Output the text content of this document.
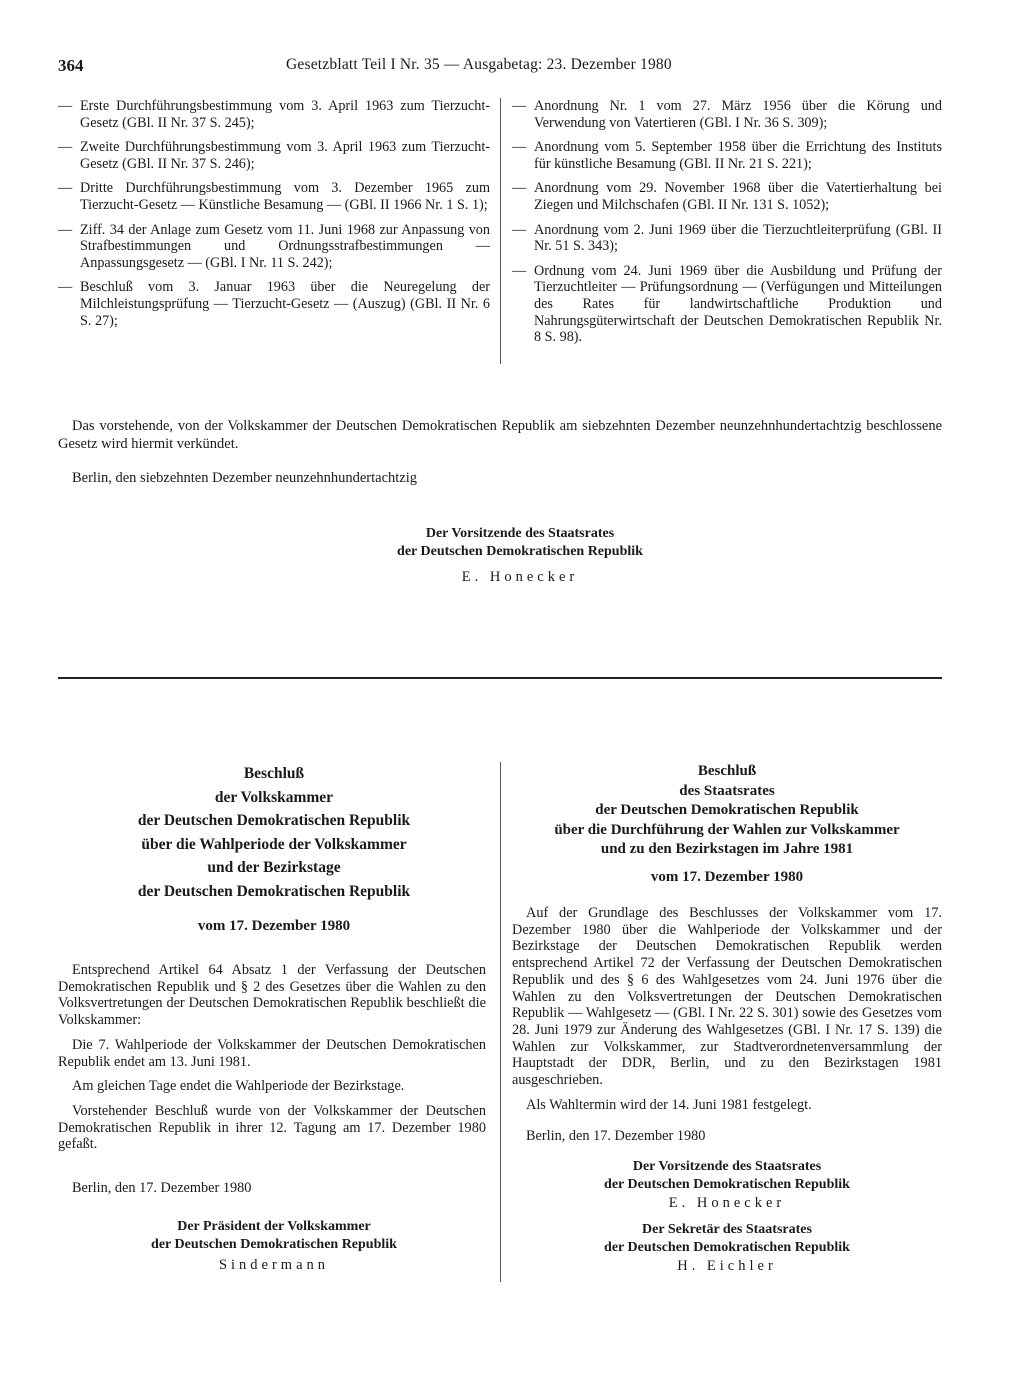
364	Gesetzblatt Teil I Nr. 35 — Ausgabetag: 23. Dezember 1980
— Erste Durchführungsbestimmung vom 3. April 1963 zum Tierzucht-Gesetz (GBl. II Nr. 37 S. 245);
— Zweite Durchführungsbestimmung vom 3. April 1963 zum Tierzucht-Gesetz (GBl. II Nr. 37 S. 246);
— Dritte Durchführungsbestimmung vom 3. Dezember 1965 zum Tierzucht-Gesetz — Künstliche Besamung — (GBl. II 1966 Nr. 1 S. 1);
— Ziff. 34 der Anlage zum Gesetz vom 11. Juni 1968 zur Anpassung von Strafbestimmungen und Ordnungsstrafbestimmungen — Anpassungsgesetz — (GBl. I Nr. 11 S. 242);
— Beschluß vom 3. Januar 1963 über die Neuregelung der Milchleistungsprüfung — Tierzucht-Gesetz — (Auszug) (GBl. II Nr. 6 S. 27);
— Anordnung Nr. 1 vom 27. März 1956 über die Körung und Verwendung von Vatertieren (GBl. I Nr. 36 S. 309);
— Anordnung vom 5. September 1958 über die Errichtung des Instituts für künstliche Besamung (GBl. II Nr. 21 S. 221);
— Anordnung vom 29. November 1968 über die Vatertierhaltung bei Ziegen und Milchschafen (GBl. II Nr. 131 S. 1052);
— Anordnung vom 2. Juni 1969 über die Tierzuchtleiterprüfung (GBl. II Nr. 51 S. 343);
— Ordnung vom 24. Juni 1969 über die Ausbildung und Prüfung der Tierzuchtleiter — Prüfungsordnung — (Verfügungen und Mitteilungen des Rates für landwirtschaftliche Produktion und Nahrungsgüterwirtschaft der Deutschen Demokratischen Republik Nr. 8 S. 98).
Das vorstehende, von der Volkskammer der Deutschen Demokratischen Republik am siebzehnten Dezember neunzehnhundertachtzig beschlossene Gesetz wird hiermit verkündet.
Berlin, den siebzehnten Dezember neunzehnhundertachtzig
Der Vorsitzende des Staatsrates
der Deutschen Demokratischen Republik
E. Honecker
Beschluß
der Volkskammer
der Deutschen Demokratischen Republik
über die Wahlperiode der Volkskammer
und der Bezirkstage
der Deutschen Demokratischen Republik
vom 17. Dezember 1980

Entsprechend Artikel 64 Absatz 1 der Verfassung der Deutschen Demokratischen Republik und § 2 des Gesetzes über die Wahlen zu den Volksvertretungen der Deutschen Demokratischen Republik beschließt die Volkskammer:

Die 7. Wahlperiode der Volkskammer der Deutschen Demokratischen Republik endet am 13. Juni 1981.

Am gleichen Tage endet die Wahlperiode der Bezirkstage.

Vorstehender Beschluß wurde von der Volkskammer der Deutschen Demokratischen Republik in ihrer 12. Tagung am 17. Dezember 1980 gefaßt.

Berlin, den 17. Dezember 1980
Der Präsident der Volkskammer
der Deutschen Demokratischen Republik
Sindermann
Beschluß
des Staatsrates
der Deutschen Demokratischen Republik
über die Durchführung der Wahlen zur Volkskammer
und zu den Bezirkstagen im Jahre 1981
vom 17. Dezember 1980

Auf der Grundlage des Beschlusses der Volkskammer vom 17. Dezember 1980 über die Wahlperiode der Volkskammer und der Bezirkstage der Deutschen Demokratischen Republik werden entsprechend Artikel 72 der Verfassung der Deutschen Demokratischen Republik und des § 6 des Wahlgesetzes vom 24. Juni 1976 über die Wahlen zu den Volksvertretungen der Deutschen Demokratischen Republik — Wahlgesetz — (GBl. I Nr. 22 S. 301) sowie des Gesetzes vom 28. Juni 1979 zur Änderung des Wahlgesetzes (GBl. I Nr. 17 S. 139) die Wahlen zur Volkskammer, zur Stadtverordnetenversammlung der Hauptstadt der DDR, Berlin, und zu den Bezirkstagen 1981 ausgeschrieben.

Als Wahltermin wird der 14. Juni 1981 festgelegt.

Berlin, den 17. Dezember 1980
Der Vorsitzende des Staatsrates
der Deutschen Demokratischen Republik
E. Honecker
Der Sekretär des Staatsrates
der Deutschen Demokratischen Republik
H. Eichler
